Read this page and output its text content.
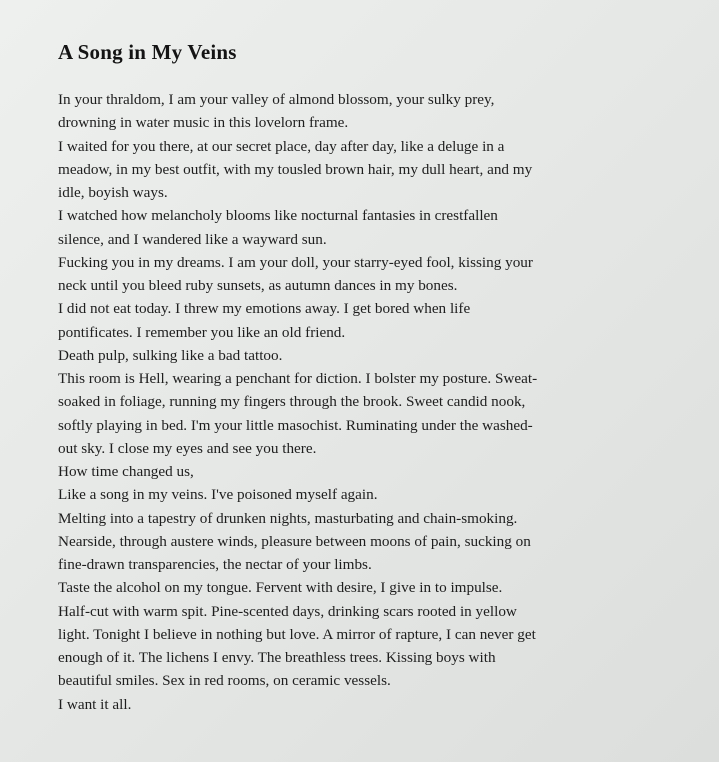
A Song in My Veins
In your thraldom, I am your valley of almond blossom, your sulky prey,
drowning in water music in this lovelorn frame.
I waited for you there, at our secret place, day after day, like a deluge in a
meadow, in my best outfit, with my tousled brown hair, my dull heart, and my
idle, boyish ways.
I watched how melancholy blooms like nocturnal fantasies in crestfallen
silence, and I wandered like a wayward sun.
Fucking you in my dreams. I am your doll, your starry-eyed fool, kissing your
neck until you bleed ruby sunsets, as autumn dances in my bones.
I did not eat today. I threw my emotions away. I get bored when life
pontificates. I remember you like an old friend.
Death pulp, sulking like a bad tattoo.
This room is Hell, wearing a penchant for diction. I bolster my posture. Sweat-
soaked in foliage, running my fingers through the brook. Sweet candid nook,
softly playing in bed. I'm your little masochist. Ruminating under the washed-
out sky. I close my eyes and see you there.
How time changed us,
Like a song in my veins. I've poisoned myself again.
Melting into a tapestry of drunken nights, masturbating and chain-smoking.
Nearside, through austere winds, pleasure between moons of pain, sucking on
fine-drawn transparencies, the nectar of your limbs.
Taste the alcohol on my tongue. Fervent with desire, I give in to impulse.
Half-cut with warm spit. Pine-scented days, drinking scars rooted in yellow
light. Tonight I believe in nothing but love. A mirror of rapture, I can never get
enough of it. The lichens I envy. The breathless trees. Kissing boys with
beautiful smiles. Sex in red rooms, on ceramic vessels.
I want it all.
